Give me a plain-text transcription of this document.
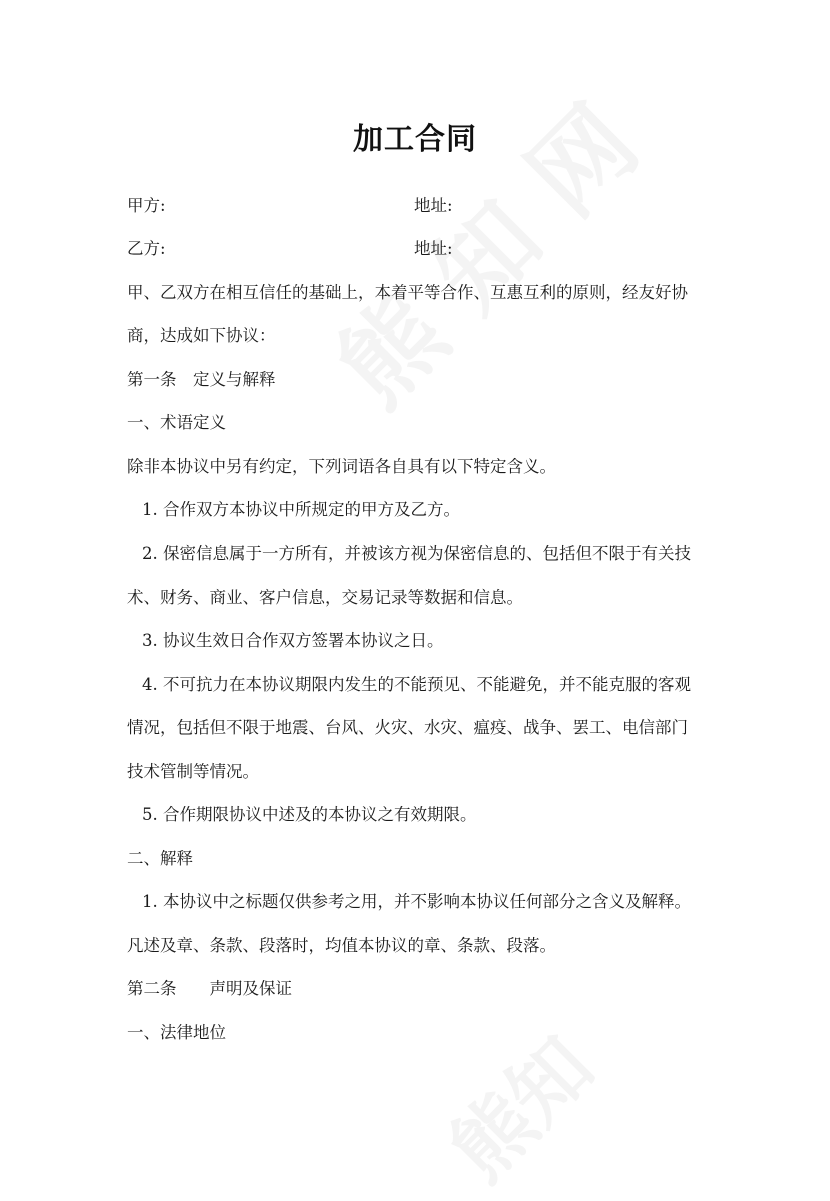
加工合同
甲方:	地址:
乙方:	地址:
甲、乙双方在相互信任的基础上，本着平等合作、互惠互利的原则，经友好协
商，达成如下协议：
第一条　定义与解释
一、术语定义
除非本协议中另有约定，下列词语各自具有以下特定含义。
1. 合作双方本协议中所规定的甲方及乙方。
2. 保密信息属于一方所有，并被该方视为保密信息的、包括但不限于有关技
术、财务、商业、客户信息，交易记录等数据和信息。
3. 协议生效日合作双方签署本协议之日。
4. 不可抗力在本协议期限内发生的不能预见、不能避免，并不能克服的客观
情况，包括但不限于地震、台风、火灾、水灾、瘟疫、战争、罢工、电信部门
技术管制等情况。
5. 合作期限协议中述及的本协议之有效期限。
二、解释
1. 本协议中之标题仅供参考之用，并不影响本协议任何部分之含义及解释。
凡述及章、条款、段落时，均值本协议的章、条款、段落。
第二条　　声明及保证
一、法律地位
